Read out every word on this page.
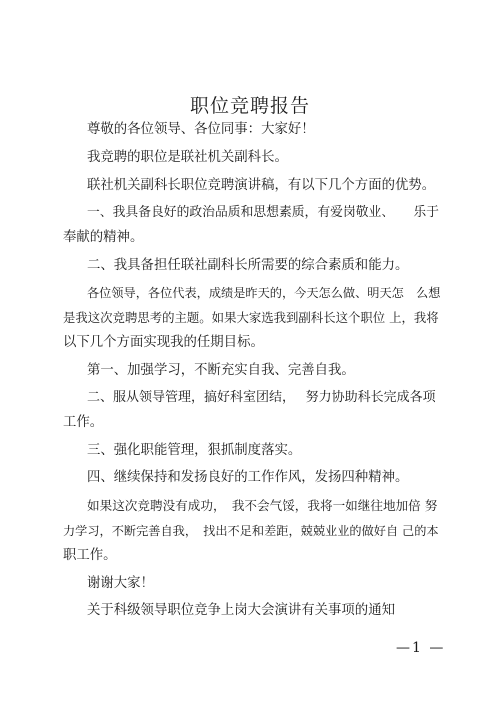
职位竞聘报告
尊敬的各位领导、各位同事：大家好！
我竞聘的职位是联社机关副科长。
联社机关副科长职位竞聘演讲稿，有以下几个方面的优势。
一、我具备良好的政治品质和思想素质，有爱岗敬业、　　乐于
奉献的精神。
二、我具备担任联社副科长所需要的综合素质和能力。
各位领导，各位代表，成绩是昨天的，今天怎么做、明天怎　么想
是我这次竞聘思考的主题。如果大家选我到副科长这个职位 上，我将
以下几个方面实现我的任期目标。
第一、加强学习，不断充实自我、完善自我。
二、服从领导管理，搞好科室团结，　 努力协助科长完成各项
工作。
三、强化职能管理，狠抓制度落实。
四、继续保持和发扬良好的工作作风，发扬四种精神。
如果这次竞聘没有成功，　我不会气馁，我将一如继往地加倍 努
力学习，不断完善自我，　找出不足和差距，兢兢业业的做好自 己的本
职工作。
谢谢大家！
关于科级领导职位竞争上岗大会演讲有关事项的通知
—1 —
